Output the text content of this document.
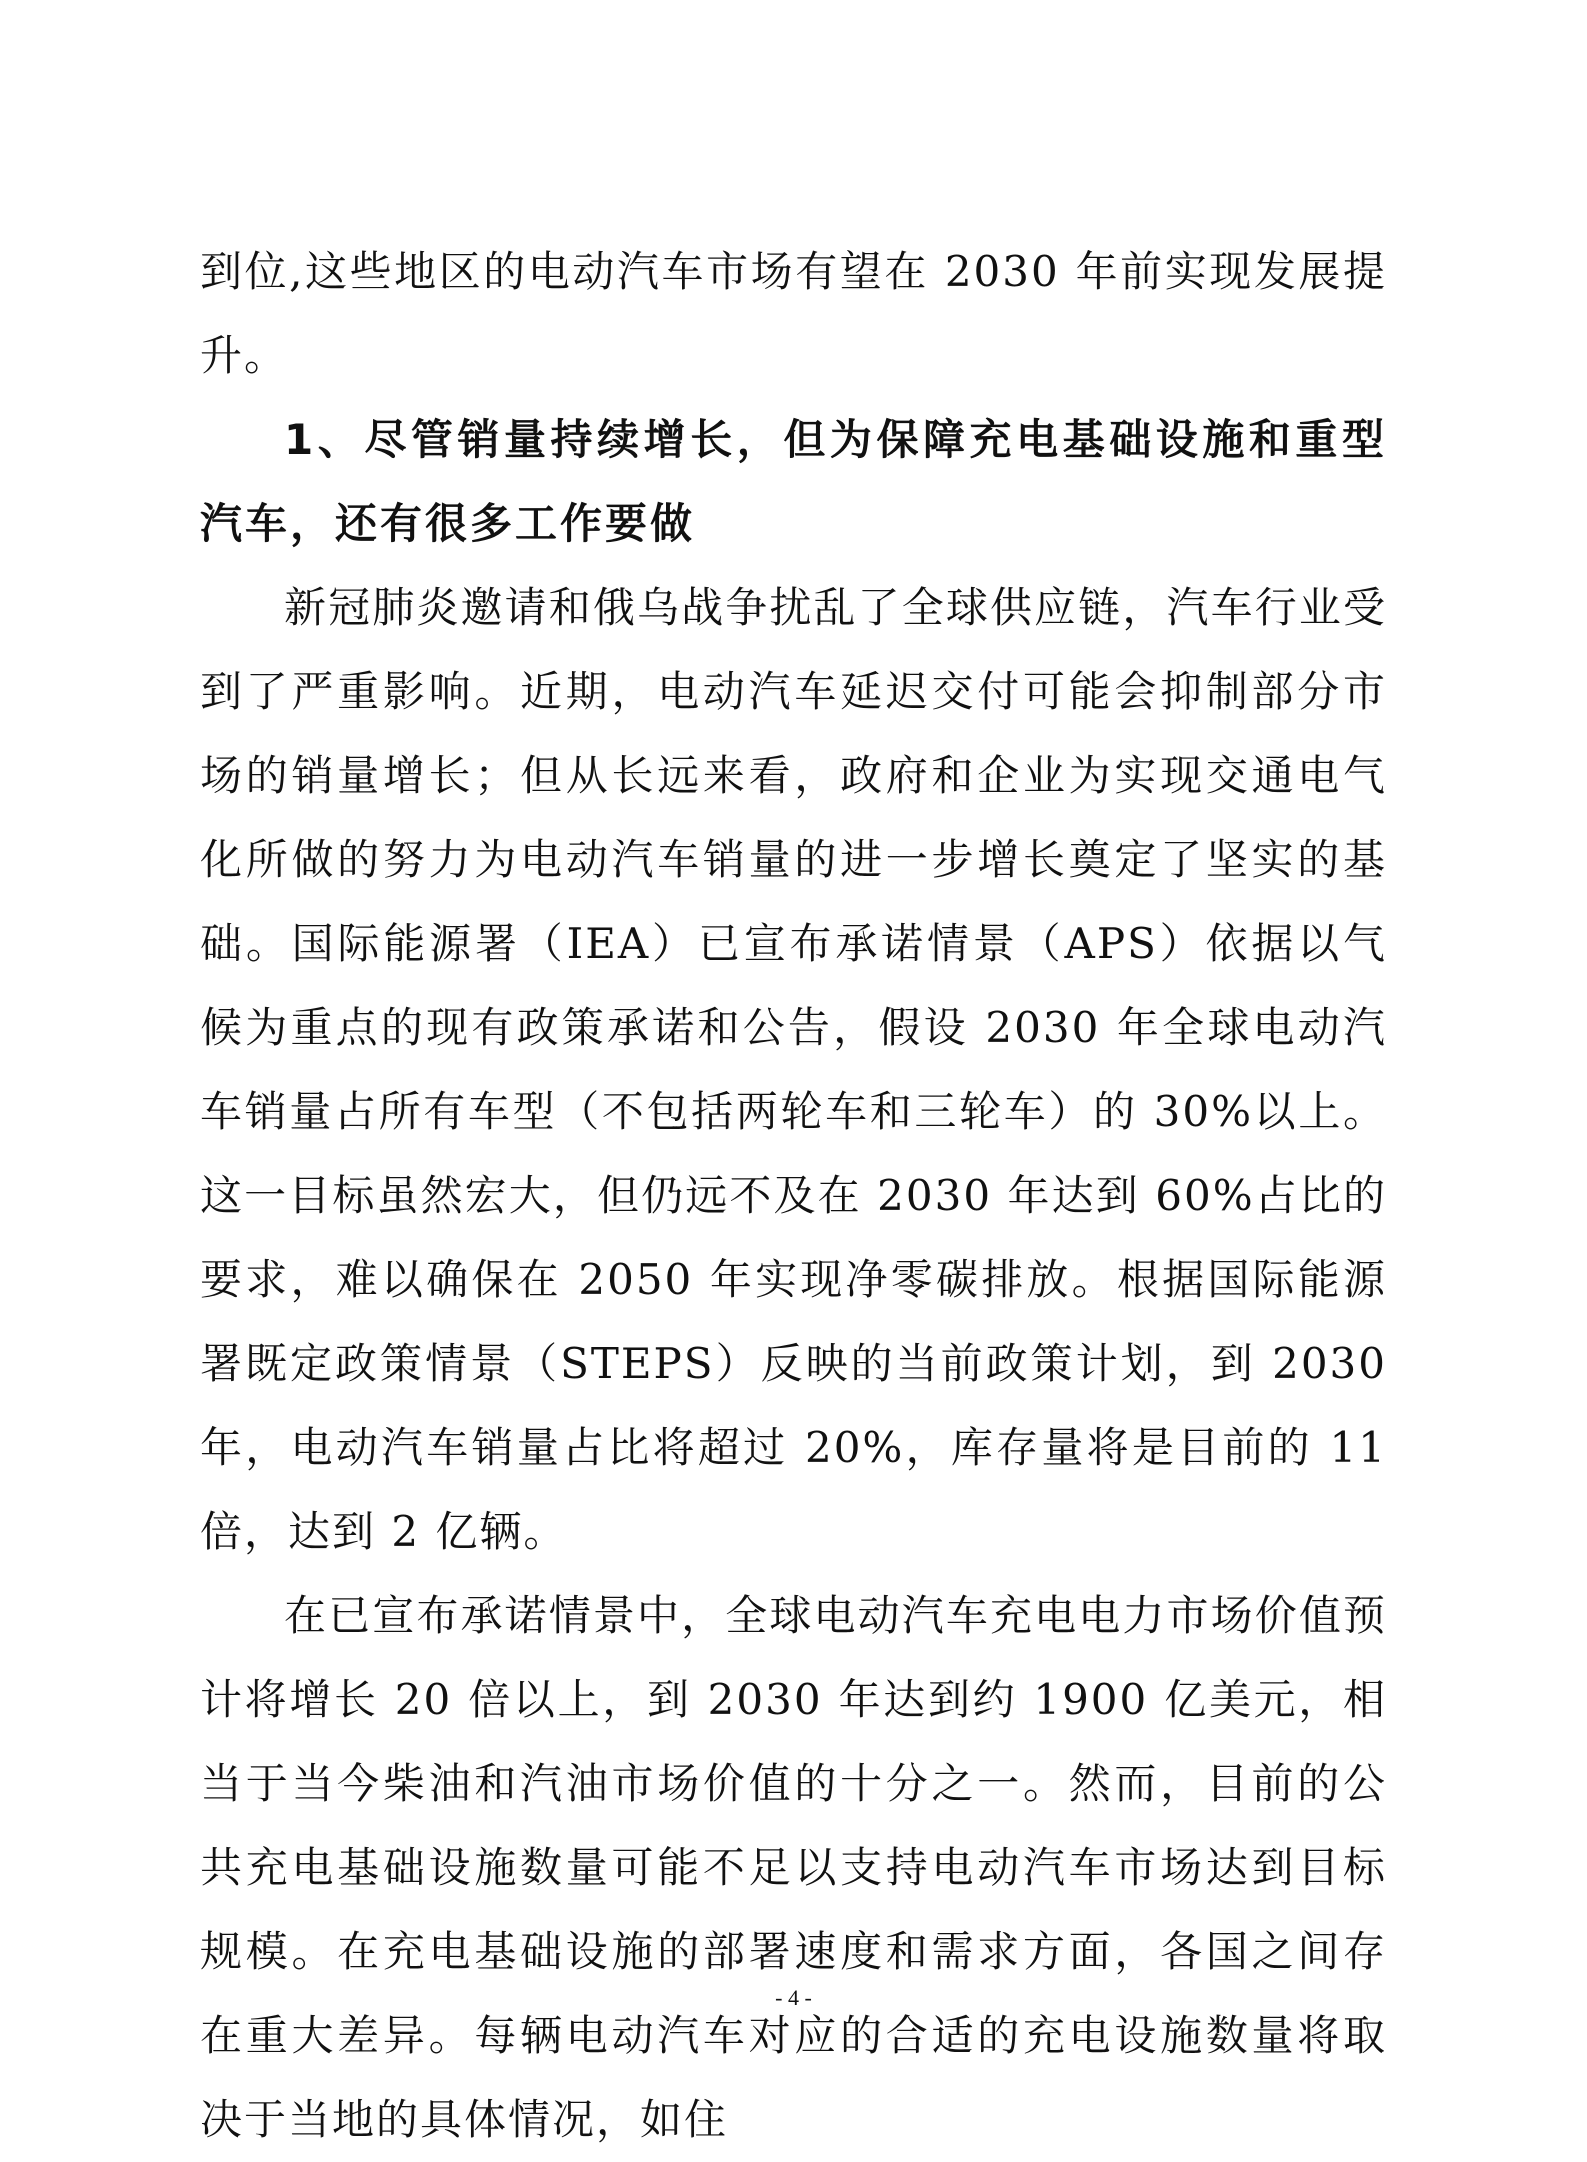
到位,这些地区的电动汽车市场有望在 2030 年前实现发展提升。

1、尽管销量持续增长，但为保障充电基础设施和重型汽车，还有很多工作要做

新冠肺炎邀请和俄乌战争扰乱了全球供应链，汽车行业受到了严重影响。近期，电动汽车延迟交付可能会抑制部分市场的销量增长；但从长远来看，政府和企业为实现交通电气化所做的努力为电动汽车销量的进一步增长奠定了坚实的基础。国际能源署（IEA）已宣布承诺情景（APS）依据以气候为重点的现有政策承诺和公告，假设 2030 年全球电动汽车销量占所有车型（不包括两轮车和三轮车）的 30%以上。这一目标虽然宏大，但仍远不及在 2030 年达到 60%占比的要求，难以确保在 2050 年实现净零碳排放。根据国际能源署既定政策情景（STEPS）反映的当前政策计划，到 2030 年，电动汽车销量占比将超过 20%，库存量将是目前的 11 倍，达到 2 亿辆。

在已宣布承诺情景中，全球电动汽车充电电力市场价值预计将增长 20 倍以上，到 2030 年达到约 1900 亿美元，相当于当今柴油和汽油市场价值的十分之一。然而，目前的公共充电基础设施数量可能不足以支持电动汽车市场达到目标规模。在充电基础设施的部署速度和需求方面，各国之间存在重大差异。每辆电动汽车对应的合适的充电设施数量将取决于当地的具体情况，如住

- 4 -
